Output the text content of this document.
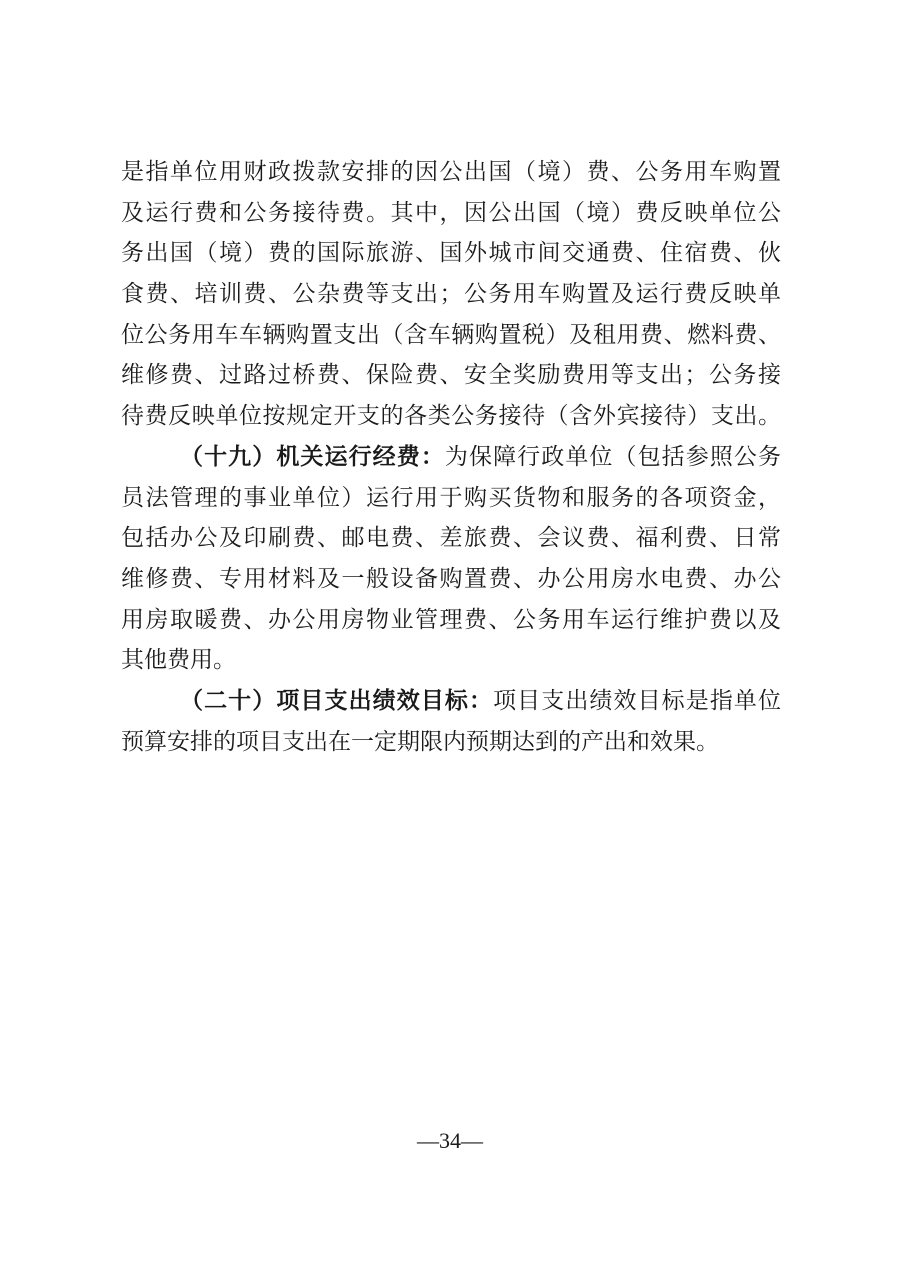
是指单位用财政拨款安排的因公出国（境）费、公务用车购置
及运行费和公务接待费。其中，因公出国（境）费反映单位公
务出国（境）费的国际旅游、国外城市间交通费、住宿费、伙
食费、培训费、公杂费等支出；公务用车购置及运行费反映单
位公务用车车辆购置支出（含车辆购置税）及租用费、燃料费、
维修费、过路过桥费、保险费、安全奖励费用等支出；公务接
待费反映单位按规定开支的各类公务接待（含外宾接待）支出。
（十九）机关运行经费：为保障行政单位（包括参照公务
员法管理的事业单位）运行用于购买货物和服务的各项资金，
包括办公及印刷费、邮电费、差旅费、会议费、福利费、日常
维修费、专用材料及一般设备购置费、办公用房水电费、办公
用房取暖费、办公用房物业管理费、公务用车运行维护费以及
其他费用。
（二十）项目支出绩效目标：项目支出绩效目标是指单位
预算安排的项目支出在一定期限内预期达到的产出和效果。
—34—
